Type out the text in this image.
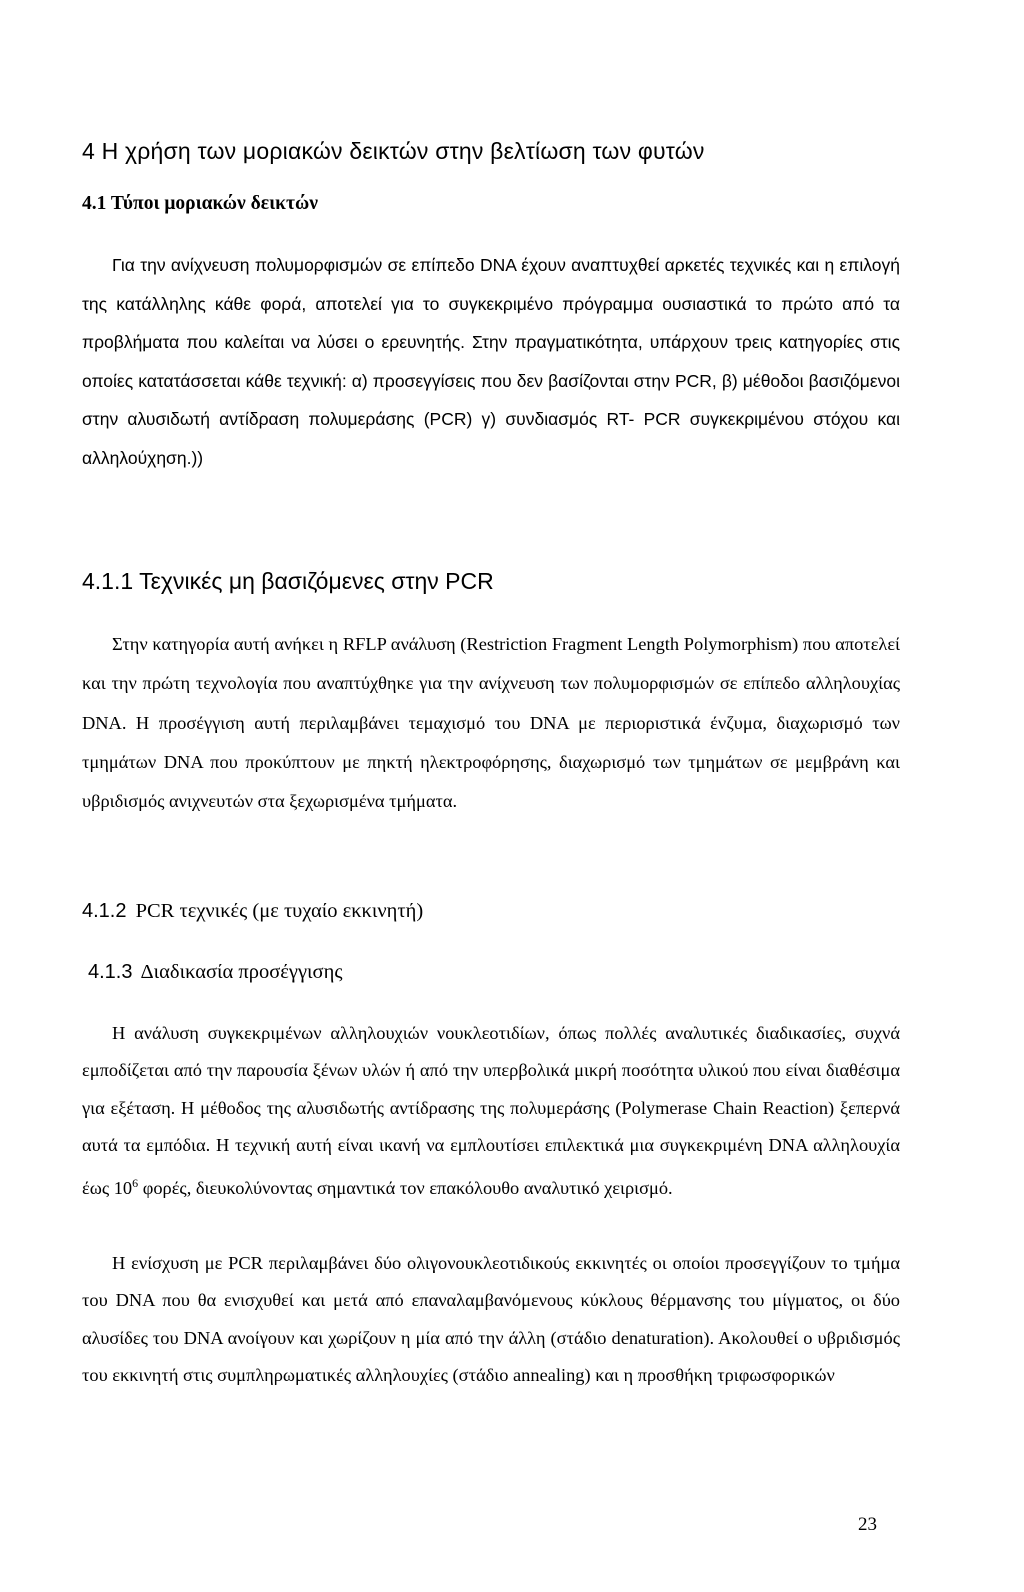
4 Η χρήση των μοριακών δεικτών στην βελτίωση των φυτών
4.1 Τύποι μοριακών δεικτών

Για την ανίχνευση πολυμορφισμών σε επίπεδο DNA έχουν αναπτυχθεί αρκετές τεχνικές και η επιλογή της κατάλληλης κάθε φορά, αποτελεί για το συγκεκριμένο πρόγραμμα ουσιαστικά το πρώτο από τα προβλήματα που καλείται να λύσει ο ερευνητής. Στην πραγματικότητα, υπάρχουν τρεις κατηγορίες στις οποίες κατατάσσεται κάθε τεχνική: α) προσεγγίσεις που δεν βασίζονται στην PCR, β) μέθοδοι βασιζόμενοι στην αλυσιδωτή αντίδραση πολυμεράσης (PCR) γ) συνδιασμός RT- PCR συγκεκριμένου στόχου και αλληλούχηση.))

4.1.1 Τεχνικές μη βασιζόμενες στην PCR

Στην κατηγορία αυτή ανήκει η RFLP ανάλυση (Restriction Fragment Length Polymorphism) που αποτελεί και την πρώτη τεχνολογία που αναπτύχθηκε για την ανίχνευση των πολυμορφισμών σε επίπεδο αλληλουχίας DNA. Η προσέγγιση αυτή περιλαμβάνει τεμαχισμό του DNA με περιοριστικά ένζυμα, διαχωρισμό των τμημάτων DNA που προκύπτουν με πηκτή ηλεκτροφόρησης, διαχωρισμό των τμημάτων σε μεμβράνη και υβριδισμός ανιχνευτών στα ξεχωρισμένα τμήματα.

4.1.2 PCR τεχνικές (με τυχαίο εκκινητή)
4.1.3 Διαδικασία προσέγγισης

Η ανάλυση συγκεκριμένων αλληλουχιών νουκλεοτιδίων, όπως πολλές αναλυτικές διαδικασίες, συχνά εμποδίζεται από την παρουσία ξένων υλών ή από την υπερβολικά μικρή ποσότητα υλικού που είναι διαθέσιμα για εξέταση. Η μέθοδος της αλυσιδωτής αντίδρασης της πολυμεράσης (Polymerase Chain Reaction) ξεπερνά αυτά τα εμπόδια. Η τεχνική αυτή είναι ικανή να εμπλουτίσει επιλεκτικά μια συγκεκριμένη DNA αλληλουχία έως $10^6$ φορές, διευκολύνοντας σημαντικά τον επακόλουθο αναλυτικό χειρισμό.

Η ενίσχυση με PCR περιλαμβάνει δύο ολιγονουκλεοτιδικούς εκκινητές οι οποίοι προσεγγίζουν το τμήμα του DNA που θα ενισχυθεί και μετά από επαναλαμβανόμενους κύκλους θέρμανσης του μίγματος, οι δύο αλυσίδες του DNA ανοίγουν και χωρίζουν η μία από την άλλη (στάδιο denaturation). Ακολουθεί ο υβριδισμός του εκκινητή στις συμπληρωματικές αλληλουχίες (στάδιο annealing) και η προσθήκη τριφωσφορικών

23
